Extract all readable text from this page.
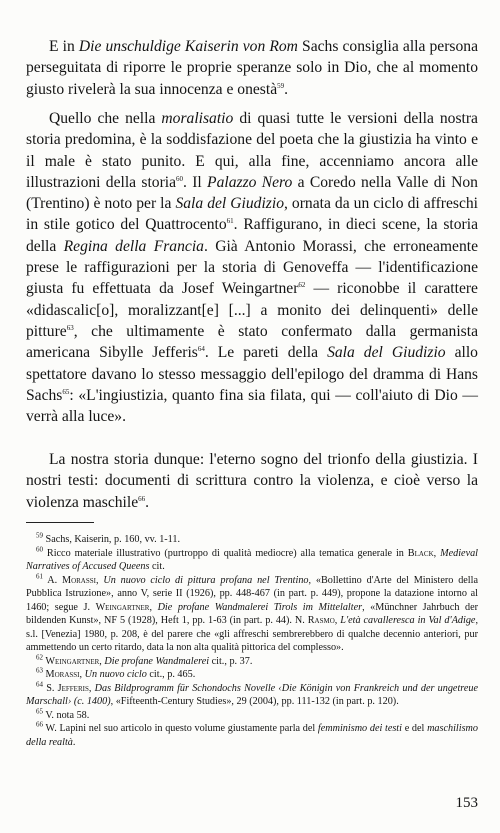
E in Die unschuldige Kaiserin von Rom Sachs consiglia alla persona perseguitata di riporre le proprie speranze solo in Dio, che al momento giusto rivelerà la sua innocenza e onestà$^{59}$.

Quello che nella moralisatio di quasi tutte le versioni della nostra storia predomina, è la soddisfazione del poeta che la giustizia ha vinto e il male è stato punito. E qui, alla fine, accenniamo ancora alle illustrazioni della storia$^{60}$. Il Palazzo Nero a Coredo nella Valle di Non (Trentino) è noto per la Sala del Giudizio, ornata da un ciclo di affreschi in stile gotico del Quattrocento$^{61}$. Raffigurano, in dieci scene, la storia della Regina della Francia. Già Antonio Morassi, che erroneamente prese le raffigurazioni per la storia di Genoveffa — l'identificazione giusta fu effettuata da Josef Weingartner$^{62}$ — riconobbe il carattere «didascalic[o], moralizzant[e] [...] a monito dei delinquenti» delle pitture$^{63}$, che ultimamente è stato confermato dalla germanista americana Sibylle Jefferis$^{64}$. Le pareti della Sala del Giudizio allo spettatore davano lo stesso messaggio dell'epilogo del dramma di Hans Sachs$^{65}$: «L'ingiustizia, quanto fina sia filata, qui — coll'aiuto di Dio — verrà alla luce».

La nostra storia dunque: l'eterno sogno del trionfo della giustizia. I nostri testi: documenti di scrittura contro la violenza, e cioè verso la violenza maschile$^{66}$.

$^{59}$ Sachs, Kaiserin, p. 160, vv. 1-11.

$^{60}$ Ricco materiale illustrativo (purtroppo di qualità mediocre) alla tematica generale in Black, Medieval Narratives of Accused Queens cit.

$^{61}$ A. Morassi, Un nuovo ciclo di pittura profana nel Trentino, «Bollettino d'Arte del Ministero della Pubblica Istruzione», anno V, serie II (1926), pp. 448-467 (in part. p. 449), propone la datazione intorno al 1460; segue J. Weingartner, Die profane Wandmalerei Tirols im Mittelalter, «Münchner Jahrbuch der bildenden Kunst», NF 5 (1928), Heft 1, pp. 1-63 (in part. p. 44). N. Rasmo, L'età cavalleresca in Val d'Adige, s.l. [Venezia] 1980, p. 208, è del parere che «gli affreschi sembrerebbero di qualche decennio anteriori, pur ammettendo un certo ritardo, data la non alta qualità pittorica del complesso».

$^{62}$ Weingartner, Die profane Wandmalerei cit., p. 37.

$^{63}$ Morassi, Un nuovo ciclo cit., p. 465.

$^{64}$ S. Jefferis, Das Bildprogramm für Schondochs Novelle ‹Die Königin von Frankreich und der ungetreue Marschall› (c. 1400), «Fifteenth-Century Studies», 29 (2004), pp. 111-132 (in part. p. 120).

$^{65}$ V. nota 58.

$^{66}$ W. Lapini nel suo articolo in questo volume giustamente parla del femminismo dei testi e del maschilismo della realtà.

153
